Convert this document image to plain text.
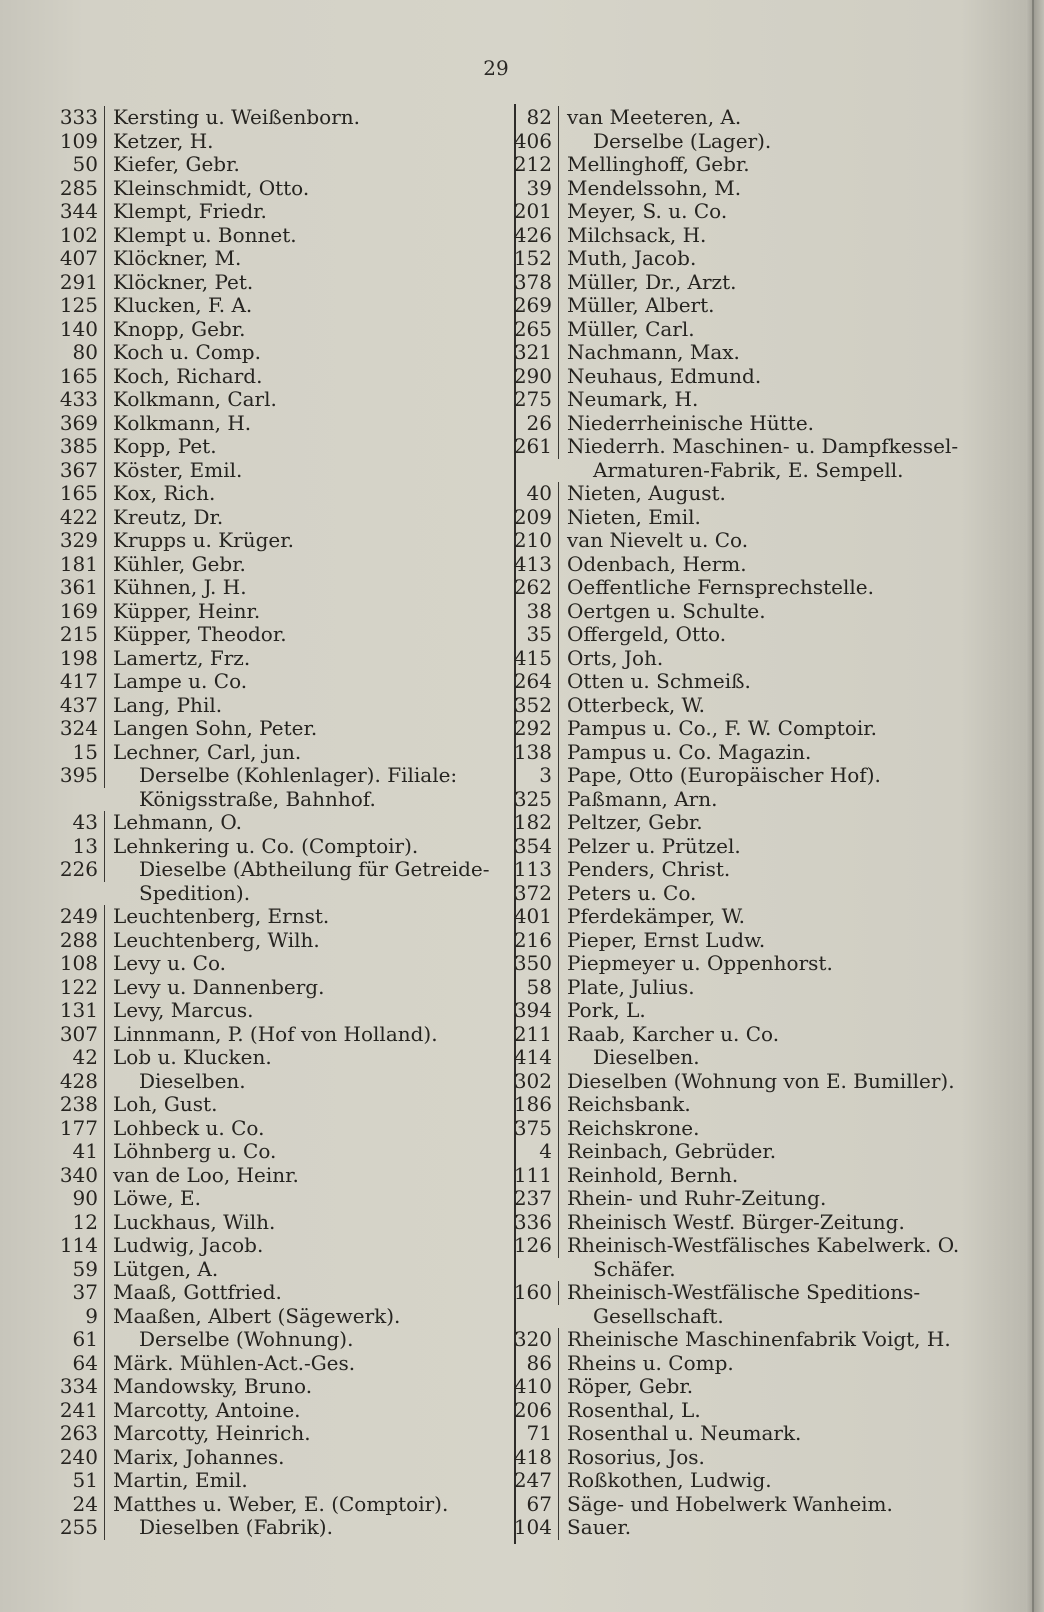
29
333 Kersting u. Weißenborn.
109 Ketzer, H.
50 Kiefer, Gebr.
285 Kleinschmidt, Otto.
344 Klempt, Friedr.
102 Klempt u. Bonnet.
407 Klöckner, M.
291 Klöckner, Pet.
125 Klucken, F. A.
140 Knopp, Gebr.
80 Koch u. Comp.
165 Koch, Richard.
433 Kolkmann, Carl.
369 Kolkmann, H.
385 Kopp, Pet.
367 Köster, Emil.
165 Kox, Rich.
422 Kreutz, Dr.
329 Krupps u. Krüger.
181 Kühler, Gebr.
361 Kühnen, J. H.
169 Küpper, Heinr.
215 Küpper, Theodor.
198 Lamertz, Frz.
417 Lampe u. Co.
437 Lang, Phil.
324 Langen Sohn, Peter.
15 Lechner, Carl, jun.
395	Derselbe (Kohlenlager). Filiale:
Königsstraße, Bahnhof.
43 Lehmann, O.
13 Lehnkering u. Co. (Comptoir).
226	Dieselbe (Abtheilung für Getreide-
Spedition).
249 Leuchtenberg, Ernst.
288 Leuchtenberg, Wilh.
108 Levy u. Co.
122 Levy u. Dannenberg.
131 Levy, Marcus.
307 Linnmann, P. (Hof von Holland).
42 Lob u. Klucken.
428	Dieselben.
238 Loh, Gust.
177 Lohbeck u. Co.
41 Löhnberg u. Co.
340 van de Loo, Heinr.
90 Löwe, E.
12 Luckhaus, Wilh.
114 Ludwig, Jacob.
59 Lütgen, A.
37 Maaß, Gottfried.
9 Maaßen, Albert (Sägewerk).
61	Derselbe (Wohnung).
64 Märk. Mühlen-Act.-Ges.
334 Mandowsky, Bruno.
241 Marcotty, Antoine.
263 Marcotty, Heinrich.
240 Marix, Johannes.
51 Martin, Emil.
24 Matthes u. Weber, E. (Comptoir).
255	Dieselben (Fabrik).
82 van Meeteren, A.
406	Derselbe (Lager).
212 Mellinghoff, Gebr.
39 Mendelssohn, M.
201 Meyer, S. u. Co.
426 Milchsack, H.
152 Muth, Jacob.
378 Müller, Dr., Arzt.
269 Müller, Albert.
265 Müller, Carl.
321 Nachmann, Max.
290 Neuhaus, Edmund.
275 Neumark, H.
26 Niederrheinische Hütte.
261 Niederrh. Maschinen- u. Dampfkessel-
Armaturen-Fabrik, E. Sempell.
40 Nieten, August.
209 Nieten, Emil.
210 van Nievelt u. Co.
413 Odenbach, Herm.
262 Oeffentliche Fernsprechstelle.
38 Oertgen u. Schulte.
35 Offergeld, Otto.
415 Orts, Joh.
264 Otten u. Schmeiß.
352 Otterbeck, W.
292 Pampus u. Co., F. W. Comptoir.
138 Pampus u. Co. Magazin.
3 Pape, Otto (Europäischer Hof).
325 Paßmann, Arn.
182 Peltzer, Gebr.
354 Pelzer u. Prützel.
113 Penders, Christ.
372 Peters u. Co.
401 Pferdekämper, W.
216 Pieper, Ernst Ludw.
350 Piepmeyer u. Oppenhorst.
58 Plate, Julius.
394 Pork, L.
211 Raab, Karcher u. Co.
414	Dieselben.
302 Dieselben (Wohnung von E. Bumiller).
186 Reichsbank.
375 Reichskrone.
4 Reinbach, Gebrüder.
111 Reinhold, Bernh.
237 Rhein- und Ruhr-Zeitung.
336 Rheinisch Westf. Bürger-Zeitung.
126 Rheinisch-Westfälisches Kabelwerk. O.
Schäfer.
160 Rheinisch-Westfälische Speditions-
Gesellschaft.
320 Rheinische Maschinenfabrik Voigt, H.
86 Rheins u. Comp.
410 Röper, Gebr.
206 Rosenthal, L.
71 Rosenthal u. Neumark.
418 Rosorius, Jos.
247 Roßkothen, Ludwig.
67 Säge- und Hobelwerk Wanheim.
104 Sauer.
